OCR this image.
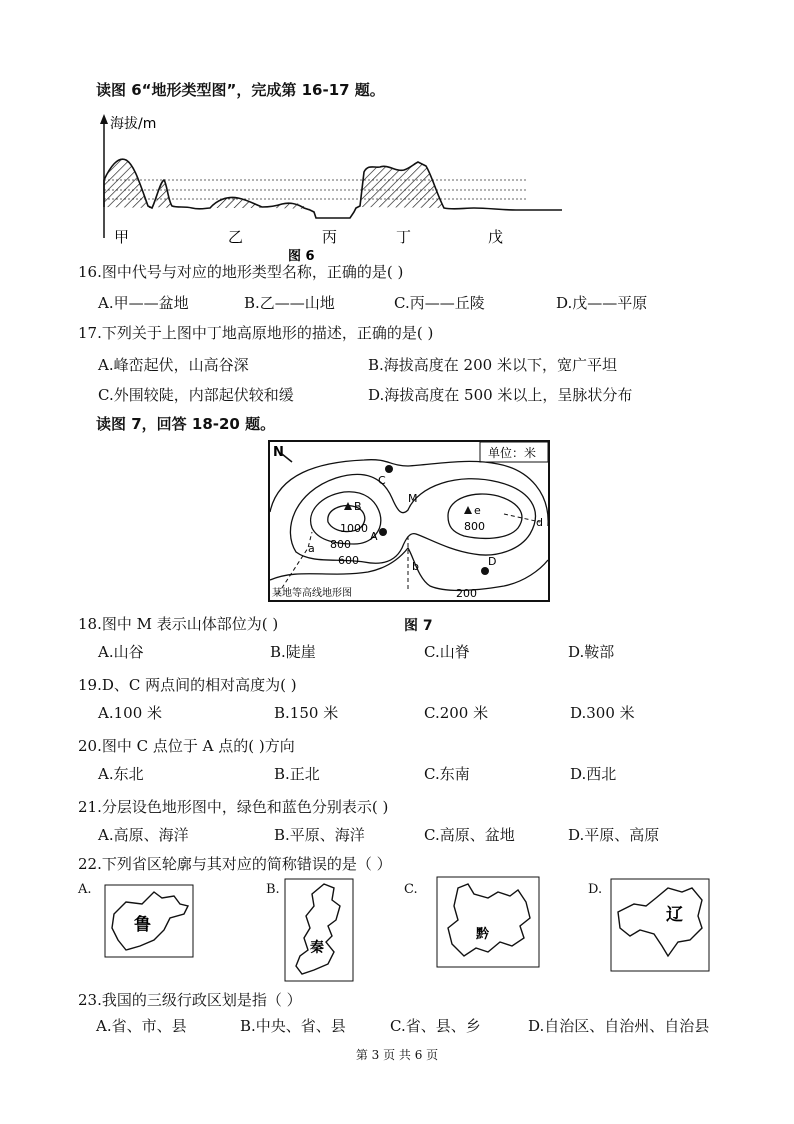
读图 6“地形类型图”，完成第 16-17 题。
海拔/m
甲	乙	丙	丁	戊
图 6
16.图中代号与对应的地形类型名称，正确的是( )
A.甲——盆地	B.乙——山地	C.丙——丘陵	D.戊——平原
17.下列关于上图中丁地高原地形的描述，正确的是( )
A.峰峦起伏，山高谷深	B.海拔高度在 200 米以下，宽广平坦
C.外围较陡，内部起伏较和缓	D.海拔高度在 500 米以上，呈脉状分布
读图 7，回答 18-20 题。
N	单位：米
B	e
C
A
D
M
1000
800
600
800
200
a
b
d
某地等高线地形图
18.图中 M 表示山体部位为( )	图 7
A.山谷	B.陡崖	C.山脊	D.鞍部
19.D、C 两点间的相对高度为( )
A.100 米	B.150 米	C.200 米	D.300 米
20.图中 C 点位于 A 点的( )方向
A.东北	B.正北	C.东南	D.西北
21.分层设色地形图中，绿色和蓝色分别表示( )
A.高原、海洋	B.平原、海洋	C.高原、盆地	D.平原、高原
22.下列省区轮廓与其对应的简称错误的是（ ）
A.	B.	C.	D.
鲁
秦
黔
辽
23.我国的三级行政区划是指（ ）
A.省、市、县	B.中央、省、县	C.省、县、乡	D.自治区、自治州、自治县
第 3 页 共 6 页
